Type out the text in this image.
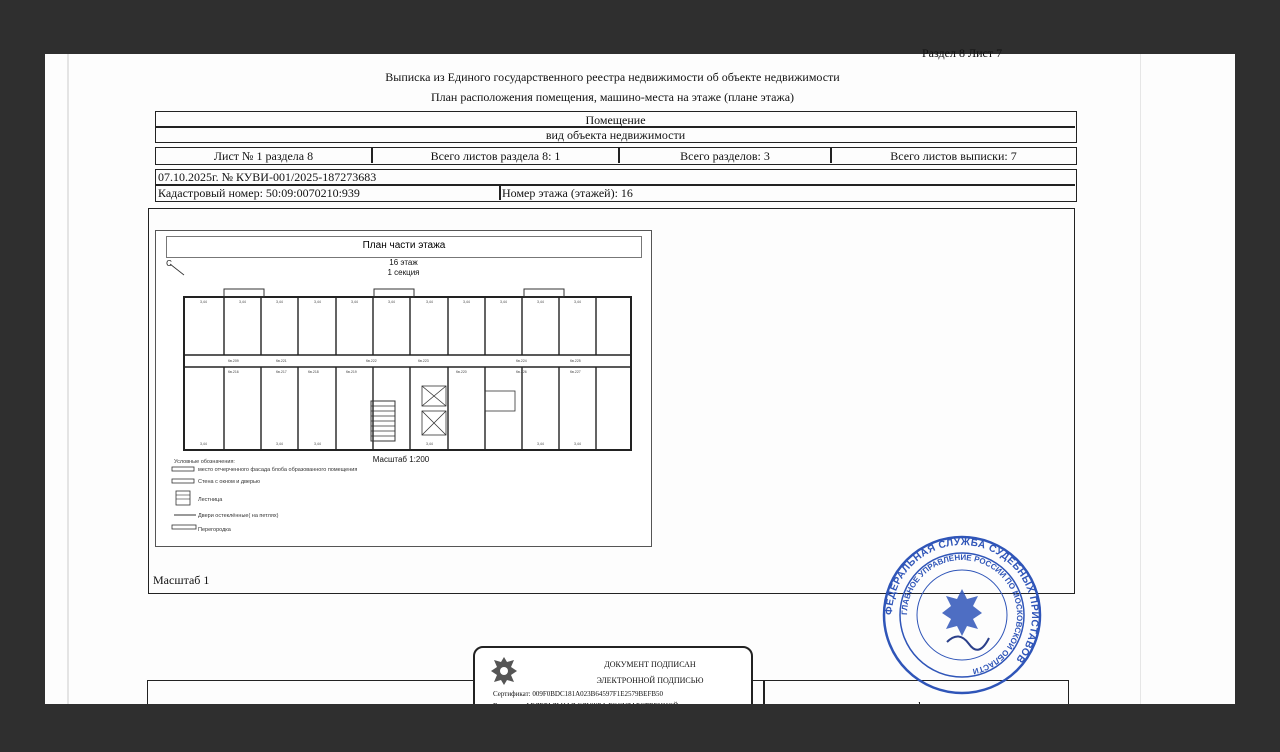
Раздел 8 Лист 7
Выписка из Единого государственного реестра недвижимости об объекте недвижимости
План расположения помещения, машино-места на этаже (плане этажа)
Помещение
вид объекта недвижимости
Лист № 1 раздела 8	Всего листов раздела 8: 1	Всего разделов: 3	Всего листов выписки: 7
07.10.2025г. № КУВИ-001/2025-187273683
Кадастровый номер: 50:09:0070210:939	Номер этажа (этажей): 16
Масштаб 1
План части этажа
16 этаж
1 секция
С
3,44	3,44	3,44	3,44	3,44	3,44	3,44	3,44	3,44	3,44	3,44
3,44	3,44	3,44	3,44	3,44	3,44
Кв.209	Кв.221	Кв.222	Кв.223	Кв.224	Кв.225
Кв.216	Кв.217	Кв.218	Кв.219	Кв.220	Кв.226	Кв.227
Масштаб 1:200
Условные обозначения:
место отчерченного фасада блоба образованного помещения
Стена с окном и дверью
Лестница
Двери остеклённые( на петлях)
Перегородка
ДОКУМЕНТ ПОДПИСАН
ЭЛЕКТРОННОЙ ПОДПИСЬЮ
Сертификат: 009F0BDC181A023B64597F1E2579BEFB50
ФЕДЕРАЛЬНАЯ СЛУЖБА СУДЕБНЫХ ПРИСТАВОВ
ГЛАВНОЕ УПРАВЛЕНИЕ РОССИИ ПО МОСКОВСКОЙ ОБЛАСТИ
